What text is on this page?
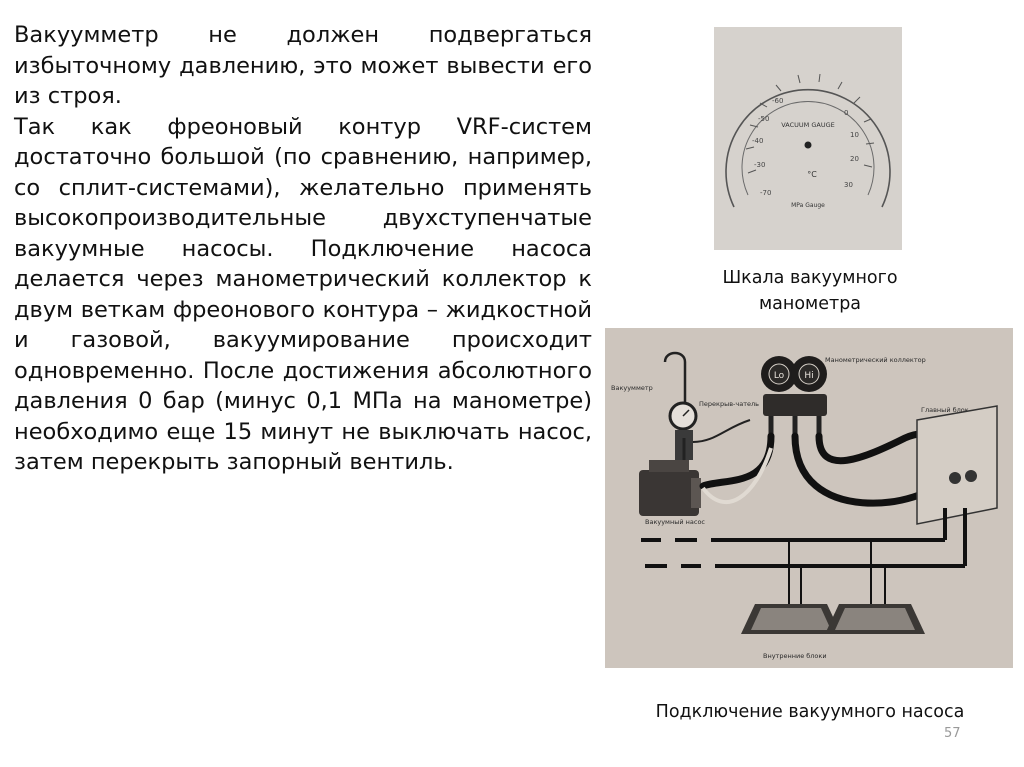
Вакуумметр не должен подвергаться избыточному давлению, это может вывести его из строя.

Так как фреоновый контур VRF-систем достаточно большой (по сравнению, например, со сплит-системами), желательно применять высокопроизводительные двухступенчатые вакуумные насосы. Подключение насоса делается через манометрический коллектор к двум веткам фреонового контура – жидкостной и газовой, вакуумирование происходит одновременно. После достижения абсолютного давления 0 бар (минус 0,1 МПа на манометре) необходимо еще 15 минут не выключать насос, затем перекрыть запорный вентиль.

-30
-40
-50
-60
20
10
0
-70
30
VACUUM GAUGE
°C
MPa Gauge
Шкала вакуумного манометра
Вакуумметр
Перекрыв-чатель
Манометрический коллектор
Главный блок
Вакуумный насос
Внутренние блоки
Lo Hi
Подключение вакуумного насоса
57
